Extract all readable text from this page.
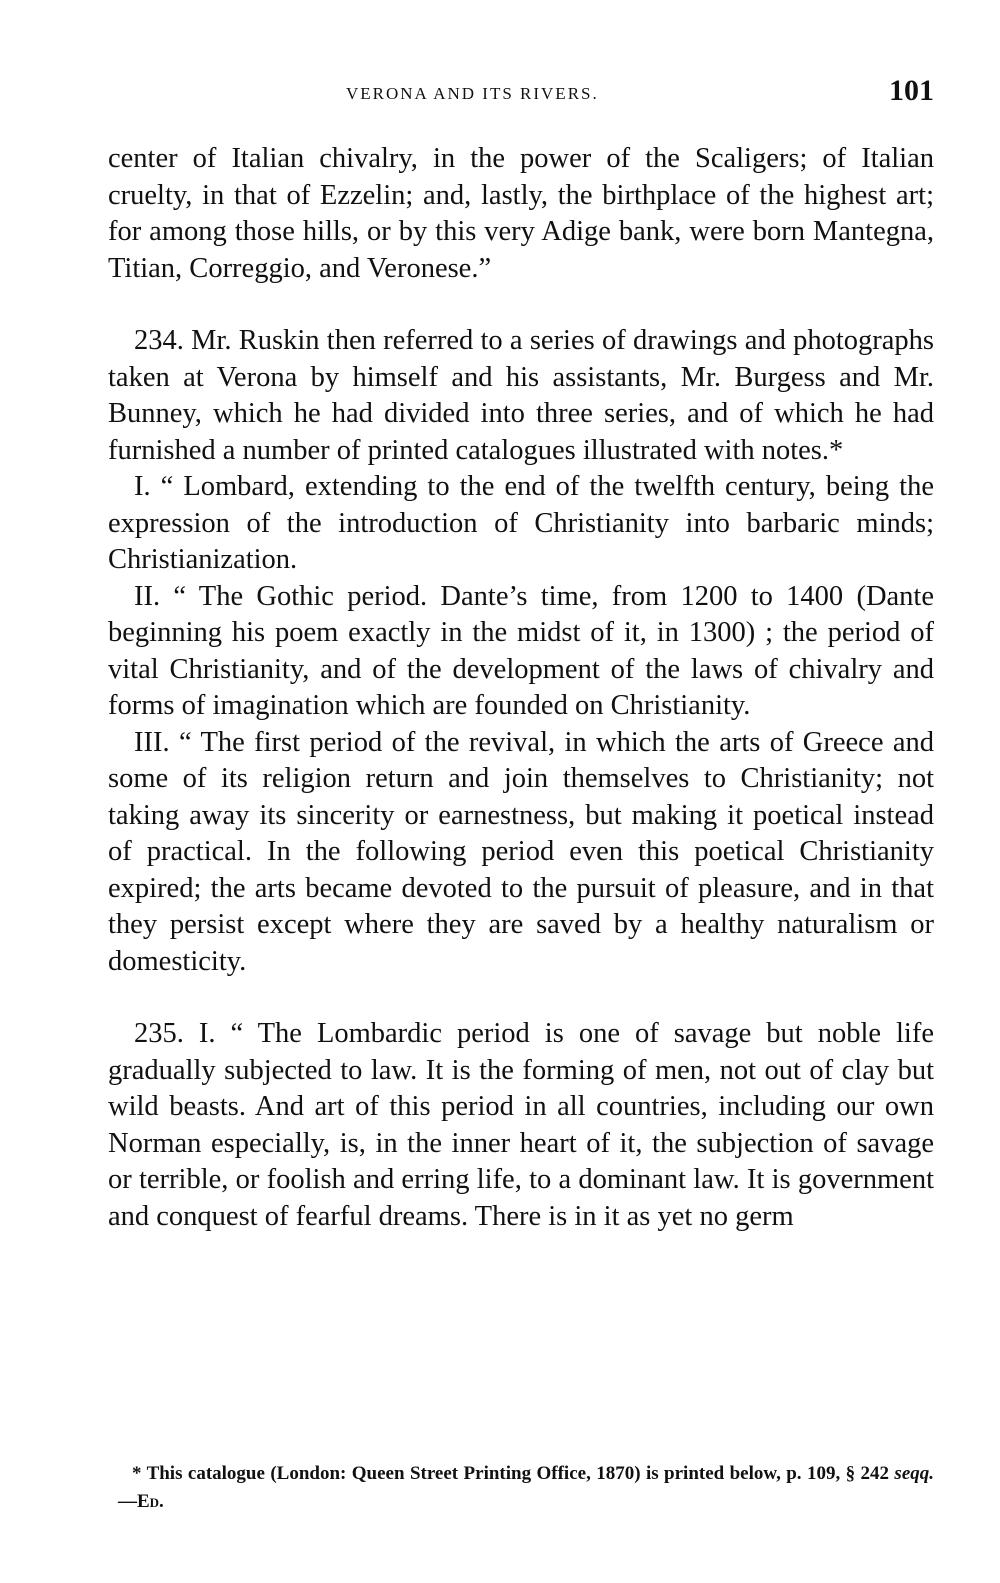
VERONA AND ITS RIVERS.	101

center of Italian chivalry, in the power of the Scaligers; of Italian cruelty, in that of Ezzelin; and, lastly, the birthplace of the highest art; for among those hills, or by this very Adige bank, were born Mantegna, Titian, Correggio, and Veronese.”

234. Mr. Ruskin then referred to a series of drawings and photographs taken at Verona by himself and his assistants, Mr. Burgess and Mr. Bunney, which he had divided into three series, and of which he had furnished a number of printed catalogues illustrated with notes.*

I. “ Lombard, extending to the end of the twelfth century, being the expression of the introduction of Christianity into barbaric minds; Christianization.

II. “ The Gothic period. Dante’s time, from 1200 to 1400 (Dante beginning his poem exactly in the midst of it, in 1300) ; the period of vital Christianity, and of the development of the laws of chivalry and forms of imagination which are founded on Christianity.

III. “ The first period of the revival, in which the arts of Greece and some of its religion return and join themselves to Christianity; not taking away its sincerity or earnestness, but making it poetical instead of practical. In the following period even this poetical Christianity expired; the arts became devoted to the pursuit of pleasure, and in that they persist except where they are saved by a healthy naturalism or domesticity.

235. I. “ The Lombardic period is one of savage but noble life gradually subjected to law. It is the forming of men, not out of clay but wild beasts. And art of this period in all countries, including our own Norman especially, is, in the inner heart of it, the subjection of savage or terrible, or foolish and erring life, to a dominant law. It is government and conquest of fearful dreams. There is in it as yet no germ

* This catalogue (London: Queen Street Printing Office, 1870) is printed below, p. 109, § 242 seqq.—Ed.
